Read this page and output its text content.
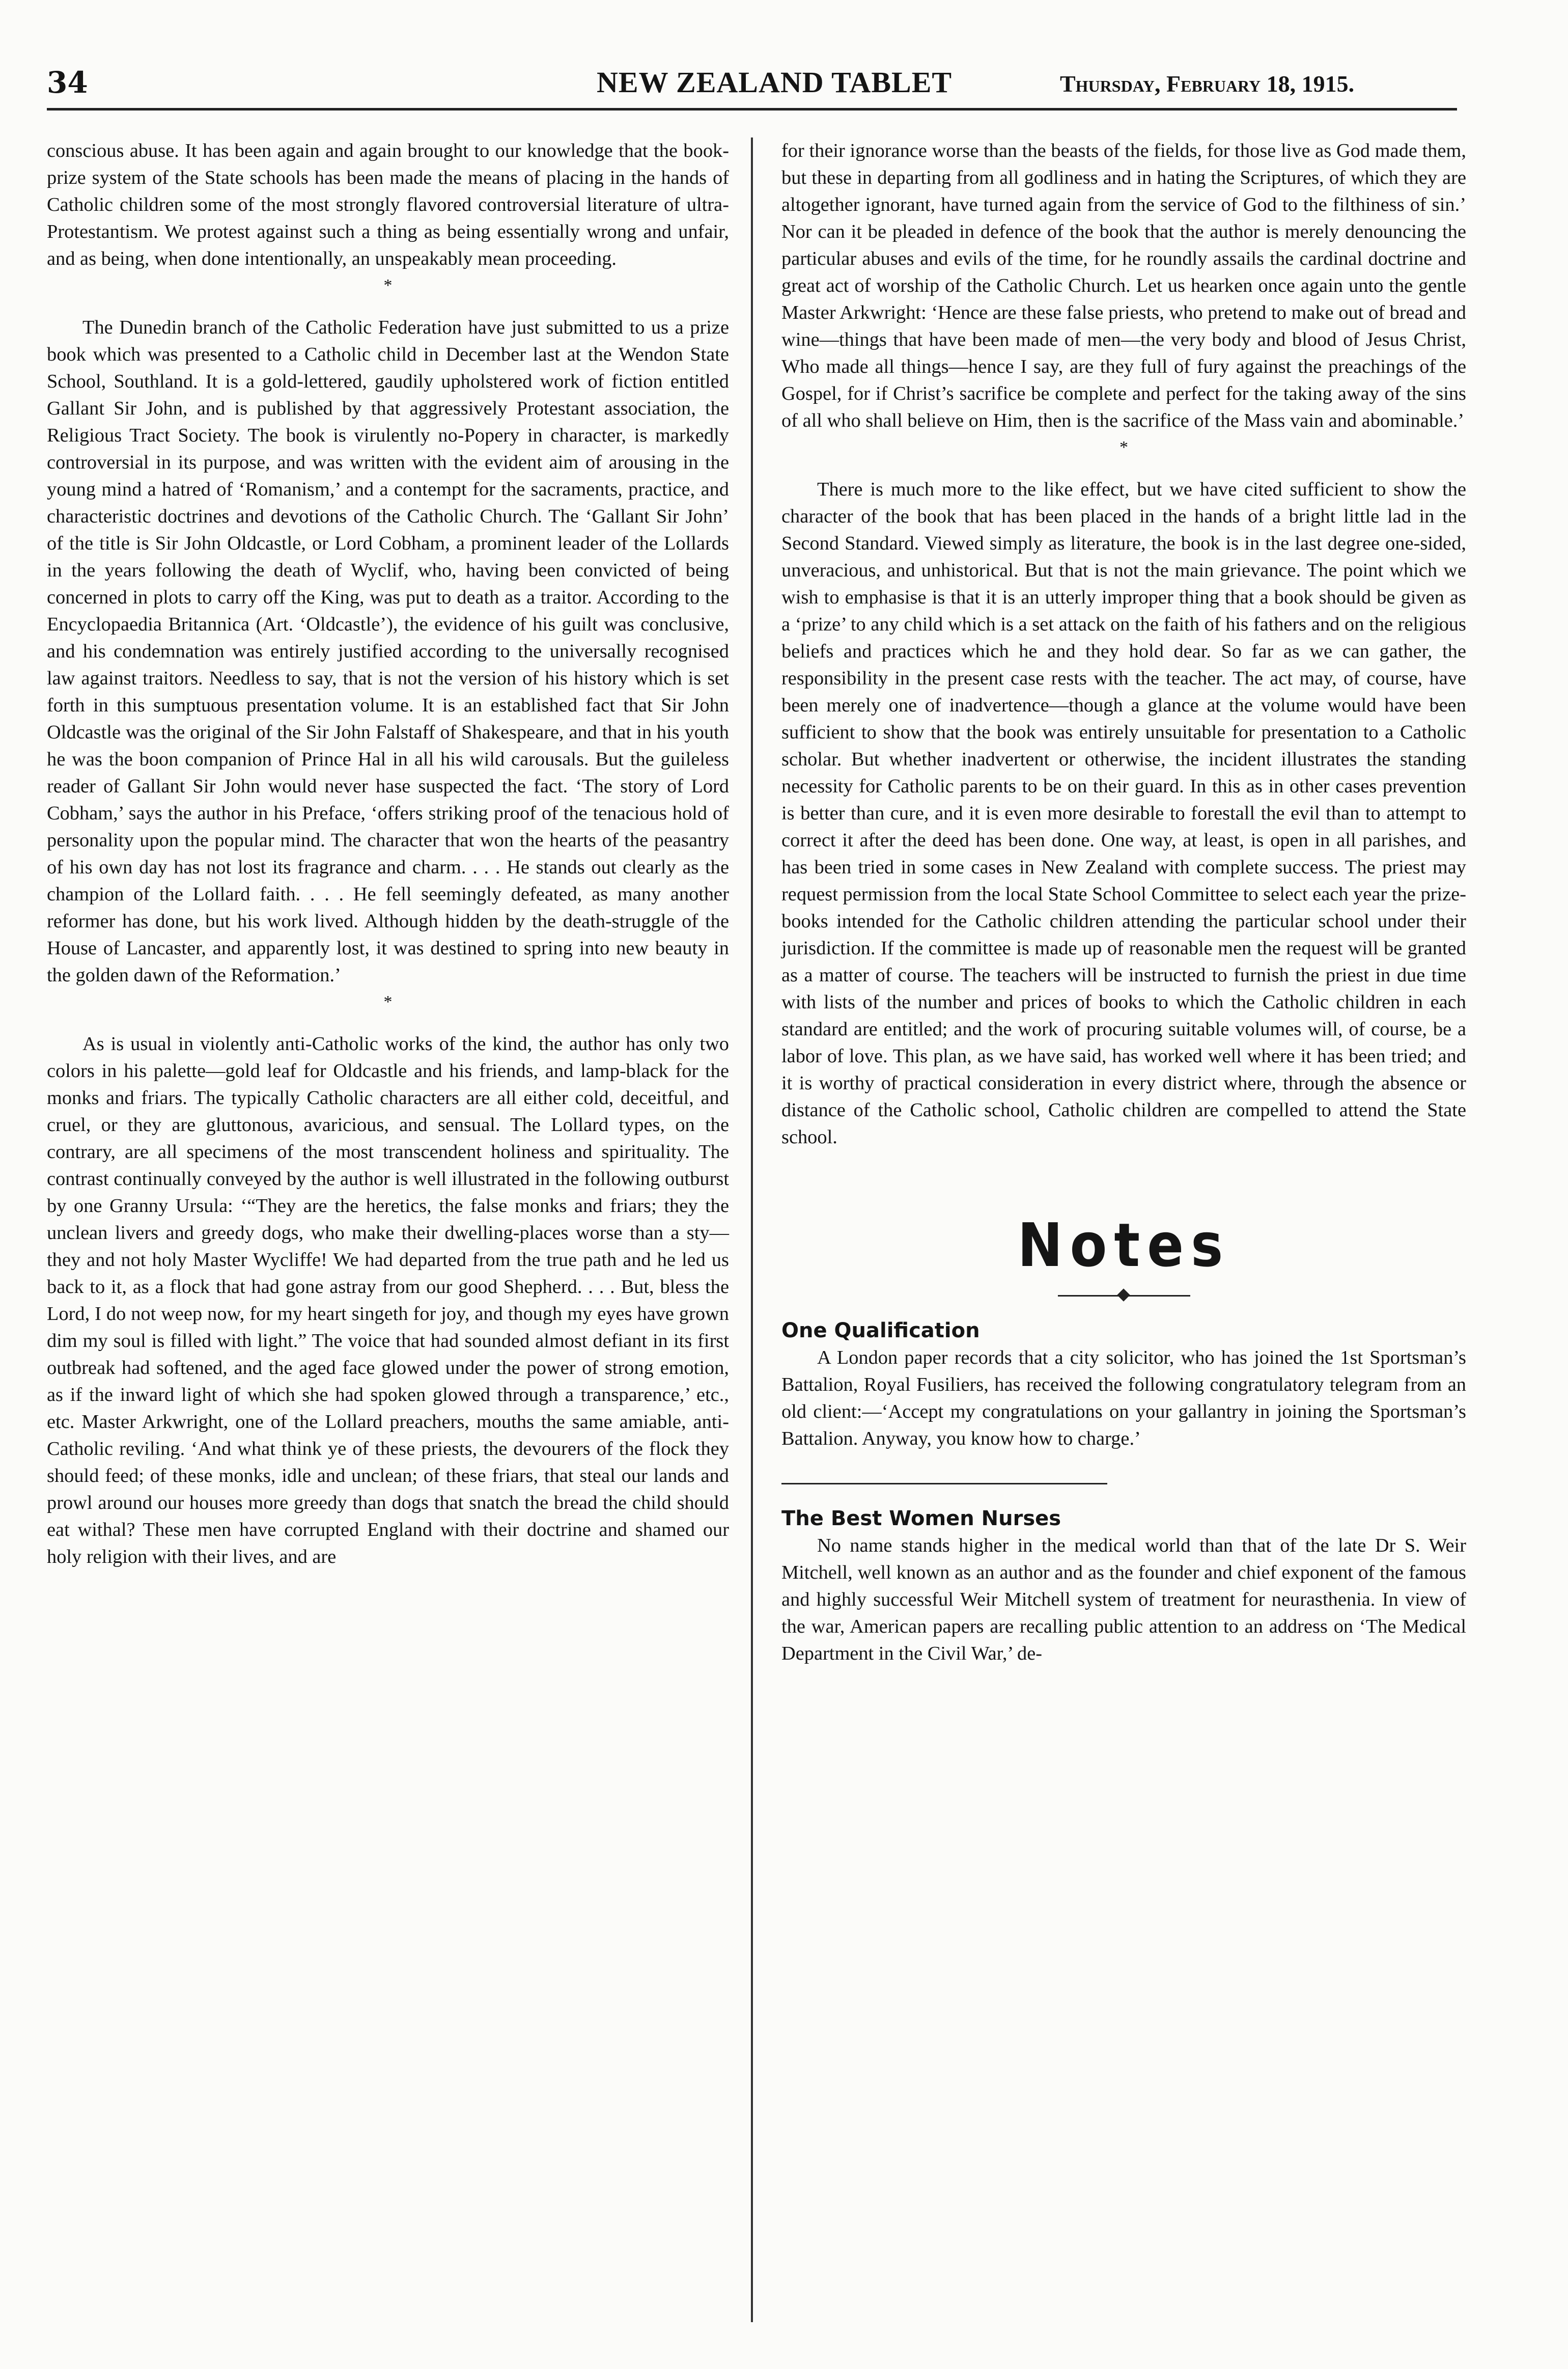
34	NEW ZEALAND TABLET	Thursday, February 18, 1915.

conscious abuse. It has been again and again brought to our knowledge that the book-prize system of the State schools has been made the means of placing in the hands of Catholic children some of the most strongly flavored controversial literature of ultra-Protestantism. We protest against such a thing as being essentially wrong and unfair, and as being, when done intentionally, an unspeakably mean proceeding.

*

The Dunedin branch of the Catholic Federation have just submitted to us a prize book which was presented to a Catholic child in December last at the Wendon State School, Southland. It is a gold-lettered, gaudily upholstered work of fiction entitled Gallant Sir John, and is published by that aggressively Protestant association, the Religious Tract Society. The book is virulently no-Popery in character, is markedly controversial in its purpose, and was written with the evident aim of arousing in the young mind a hatred of ‘Romanism,’ and a contempt for the sacraments, practice, and characteristic doctrines and devotions of the Catholic Church. The ‘Gallant Sir John’ of the title is Sir John Oldcastle, or Lord Cobham, a prominent leader of the Lollards in the years following the death of Wyclif, who, having been convicted of being concerned in plots to carry off the King, was put to death as a traitor. According to the Encyclopaedia Britannica (Art. ‘Oldcastle’), the evidence of his guilt was conclusive, and his condemnation was entirely justified according to the universally recognised law against traitors. Needless to say, that is not the version of his history which is set forth in this sumptuous presentation volume. It is an established fact that Sir John Oldcastle was the original of the Sir John Falstaff of Shakespeare, and that in his youth he was the boon companion of Prince Hal in all his wild carousals. But the guileless reader of Gallant Sir John would never hase suspected the fact. ‘The story of Lord Cobham,’ says the author in his Preface, ‘offers striking proof of the tenacious hold of personality upon the popular mind. The character that won the hearts of the peasantry of his own day has not lost its fragrance and charm. . . . He stands out clearly as the champion of the Lollard faith. . . . He fell seemingly defeated, as many another reformer has done, but his work lived. Although hidden by the death-struggle of the House of Lancaster, and apparently lost, it was destined to spring into new beauty in the golden dawn of the Reformation.’

*

As is usual in violently anti-Catholic works of the kind, the author has only two colors in his palette—gold leaf for Oldcastle and his friends, and lamp-black for the monks and friars. The typically Catholic characters are all either cold, deceitful, and cruel, or they are gluttonous, avaricious, and sensual. The Lollard types, on the contrary, are all specimens of the most transcendent holiness and spirituality. The contrast continually conveyed by the author is well illustrated in the following outburst by one Granny Ursula: ‘“They are the heretics, the false monks and friars; they the unclean livers and greedy dogs, who make their dwelling-places worse than a sty—they and not holy Master Wycliffe! We had departed from the true path and he led us back to it, as a flock that had gone astray from our good Shepherd. . . . But, bless the Lord, I do not weep now, for my heart singeth for joy, and though my eyes have grown dim my soul is filled with light.” The voice that had sounded almost defiant in its first outbreak had softened, and the aged face glowed under the power of strong emotion, as if the inward light of which she had spoken glowed through a transparence,’ etc., etc. Master Arkwright, one of the Lollard preachers, mouths the same amiable, anti-Catholic reviling. ‘And what think ye of these priests, the devourers of the flock they should feed; of these monks, idle and unclean; of these friars, that steal our lands and prowl around our houses more greedy than dogs that snatch the bread the child should eat withal? These men have corrupted England with their doctrine and shamed our holy religion with their lives, and are

for their ignorance worse than the beasts of the fields, for those live as God made them, but these in departing from all godliness and in hating the Scriptures, of which they are altogether ignorant, have turned again from the service of God to the filthiness of sin.’ Nor can it be pleaded in defence of the book that the author is merely denouncing the particular abuses and evils of the time, for he roundly assails the cardinal doctrine and great act of worship of the Catholic Church. Let us hearken once again unto the gentle Master Arkwright: ‘Hence are these false priests, who pretend to make out of bread and wine—things that have been made of men—the very body and blood of Jesus Christ, Who made all things—hence I say, are they full of fury against the preachings of the Gospel, for if Christ’s sacrifice be complete and perfect for the taking away of the sins of all who shall believe on Him, then is the sacrifice of the Mass vain and abominable.’

*

There is much more to the like effect, but we have cited sufficient to show the character of the book that has been placed in the hands of a bright little lad in the Second Standard. Viewed simply as literature, the book is in the last degree one-sided, unveracious, and unhistorical. But that is not the main grievance. The point which we wish to emphasise is that it is an utterly improper thing that a book should be given as a ‘prize’ to any child which is a set attack on the faith of his fathers and on the religious beliefs and practices which he and they hold dear. So far as we can gather, the responsibility in the present case rests with the teacher. The act may, of course, have been merely one of inadvertence—though a glance at the volume would have been sufficient to show that the book was entirely unsuitable for presentation to a Catholic scholar. But whether inadvertent or otherwise, the incident illustrates the standing necessity for Catholic parents to be on their guard. In this as in other cases prevention is better than cure, and it is even more desirable to forestall the evil than to attempt to correct it after the deed has been done. One way, at least, is open in all parishes, and has been tried in some cases in New Zealand with complete success. The priest may request permission from the local State School Committee to select each year the prize-books intended for the Catholic children attending the particular school under their jurisdiction. If the committee is made up of reasonable men the request will be granted as a matter of course. The teachers will be instructed to furnish the priest in due time with lists of the number and prices of books to which the Catholic children in each standard are entitled; and the work of procuring suitable volumes will, of course, be a labor of love. This plan, as we have said, has worked well where it has been tried; and it is worthy of practical consideration in every district where, through the absence or distance of the Catholic school, Catholic children are compelled to attend the State school.

Notes
One Qualification

A London paper records that a city solicitor, who has joined the 1st Sportsman’s Battalion, Royal Fusiliers, has received the following congratulatory telegram from an old client:—‘Accept my congratulations on your gallantry in joining the Sportsman’s Battalion. Anyway, you know how to charge.’

The Best Women Nurses

No name stands higher in the medical world than that of the late Dr S. Weir Mitchell, well known as an author and as the founder and chief exponent of the famous and highly successful Weir Mitchell system of treatment for neurasthenia. In view of the war, American papers are recalling public attention to an address on ‘The Medical Department in the Civil War,’ de-
